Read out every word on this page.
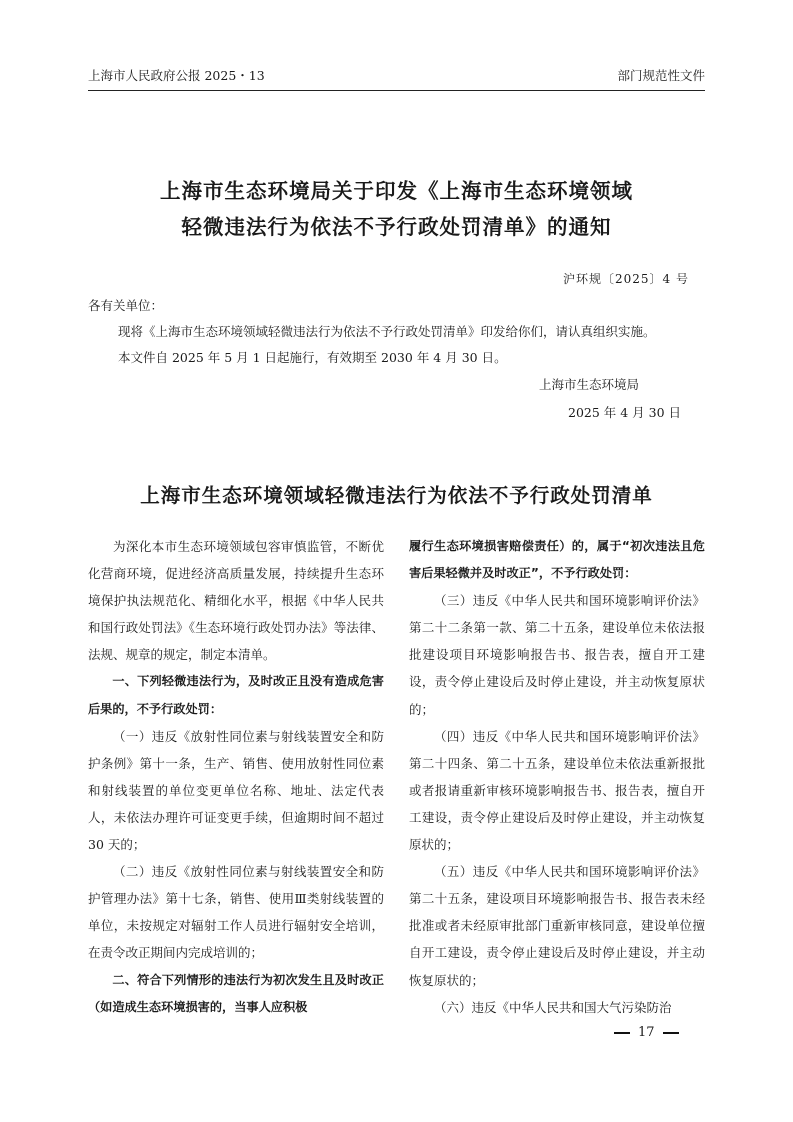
上海市人民政府公报 2025・13	部门规范性文件
上海市生态环境局关于印发《上海市生态环境领域
轻微违法行为依法不予行政处罚清单》的通知
沪环规〔2025〕4 号
各有关单位：
现将《上海市生态环境领域轻微违法行为依法不予行政处罚清单》印发给你们，请认真组织实施。
本文件自 2025 年 5 月 1 日起施行，有效期至 2030 年 4 月 30 日。
上海市生态环境局
2025 年 4 月 30 日
上海市生态环境领域轻微违法行为依法不予行政处罚清单

为深化本市生态环境领域包容审慎监管，不断优化营商环境，促进经济高质量发展，持续提升生态环境保护执法规范化、精细化水平，根据《中华人民共和国行政处罚法》《生态环境行政处罚办法》等法律、法规、规章的规定，制定本清单。

一、下列轻微违法行为，及时改正且没有造成危害后果的，不予行政处罚：

（一）违反《放射性同位素与射线装置安全和防护条例》第十一条，生产、销售、使用放射性同位素和射线装置的单位变更单位名称、地址、法定代表人，未依法办理许可证变更手续，但逾期时间不超过 30 天的；

（二）违反《放射性同位素与射线装置安全和防护管理办法》第十七条，销售、使用Ⅲ类射线装置的单位，未按规定对辐射工作人员进行辐射安全培训，在责令改正期间内完成培训的；

二、符合下列情形的违法行为初次发生且及时改正（如造成生态环境损害的，当事人应积极

履行生态环境损害赔偿责任）的，属于“初次违法且危害后果轻微并及时改正”，不予行政处罚：

（三）违反《中华人民共和国环境影响评价法》第二十二条第一款、第二十五条，建设单位未依法报批建设项目环境影响报告书、报告表，擅自开工建设，责令停止建设后及时停止建设，并主动恢复原状的；

（四）违反《中华人民共和国环境影响评价法》第二十四条、第二十五条，建设单位未依法重新报批或者报请重新审核环境影响报告书、报告表，擅自开工建设，责令停止建设后及时停止建设，并主动恢复原状的；

（五）违反《中华人民共和国环境影响评价法》第二十五条，建设项目环境影响报告书、报告表未经批准或者未经原审批部门重新审核同意，建设单位擅自开工建设，责令停止建设后及时停止建设，并主动恢复原状的；

（六）违反《中华人民共和国大气污染防治

17
